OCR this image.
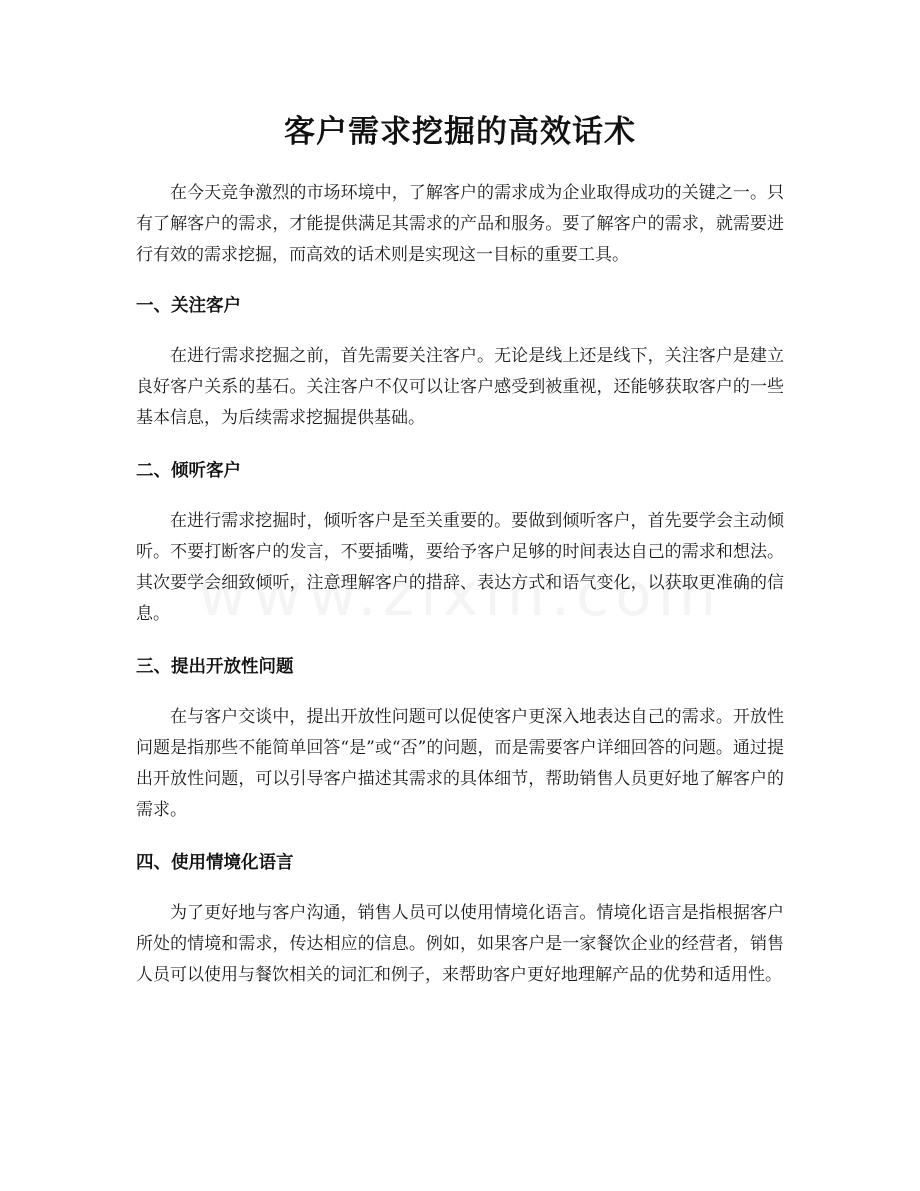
客户需求挖掘的高效话术

在今天竞争激烈的市场环境中，了解客户的需求成为企业取得成功的关键之一。只有了解客户的需求，才能提供满足其需求的产品和服务。要了解客户的需求，就需要进行有效的需求挖掘，而高效的话术则是实现这一目标的重要工具。

一、关注客户

在进行需求挖掘之前，首先需要关注客户。无论是线上还是线下，关注客户是建立良好客户关系的基石。关注客户不仅可以让客户感受到被重视，还能够获取客户的一些基本信息，为后续需求挖掘提供基础。

二、倾听客户

在进行需求挖掘时，倾听客户是至关重要的。要做到倾听客户，首先要学会主动倾听。不要打断客户的发言，不要插嘴，要给予客户足够的时间表达自己的需求和想法。其次要学会细致倾听，注意理解客户的措辞、表达方式和语气变化，以获取更准确的信息。

三、提出开放性问题

在与客户交谈中，提出开放性问题可以促使客户更深入地表达自己的需求。开放性问题是指那些不能简单回答“是”或“否”的问题，而是需要客户详细回答的问题。通过提出开放性问题，可以引导客户描述其需求的具体细节，帮助销售人员更好地了解客户的需求。

四、使用情境化语言

为了更好地与客户沟通，销售人员可以使用情境化语言。情境化语言是指根据客户所处的情境和需求，传达相应的信息。例如，如果客户是一家餐饮企业的经营者，销售人员可以使用与餐饮相关的词汇和例子，来帮助客户更好地理解产品的优势和适用性。
